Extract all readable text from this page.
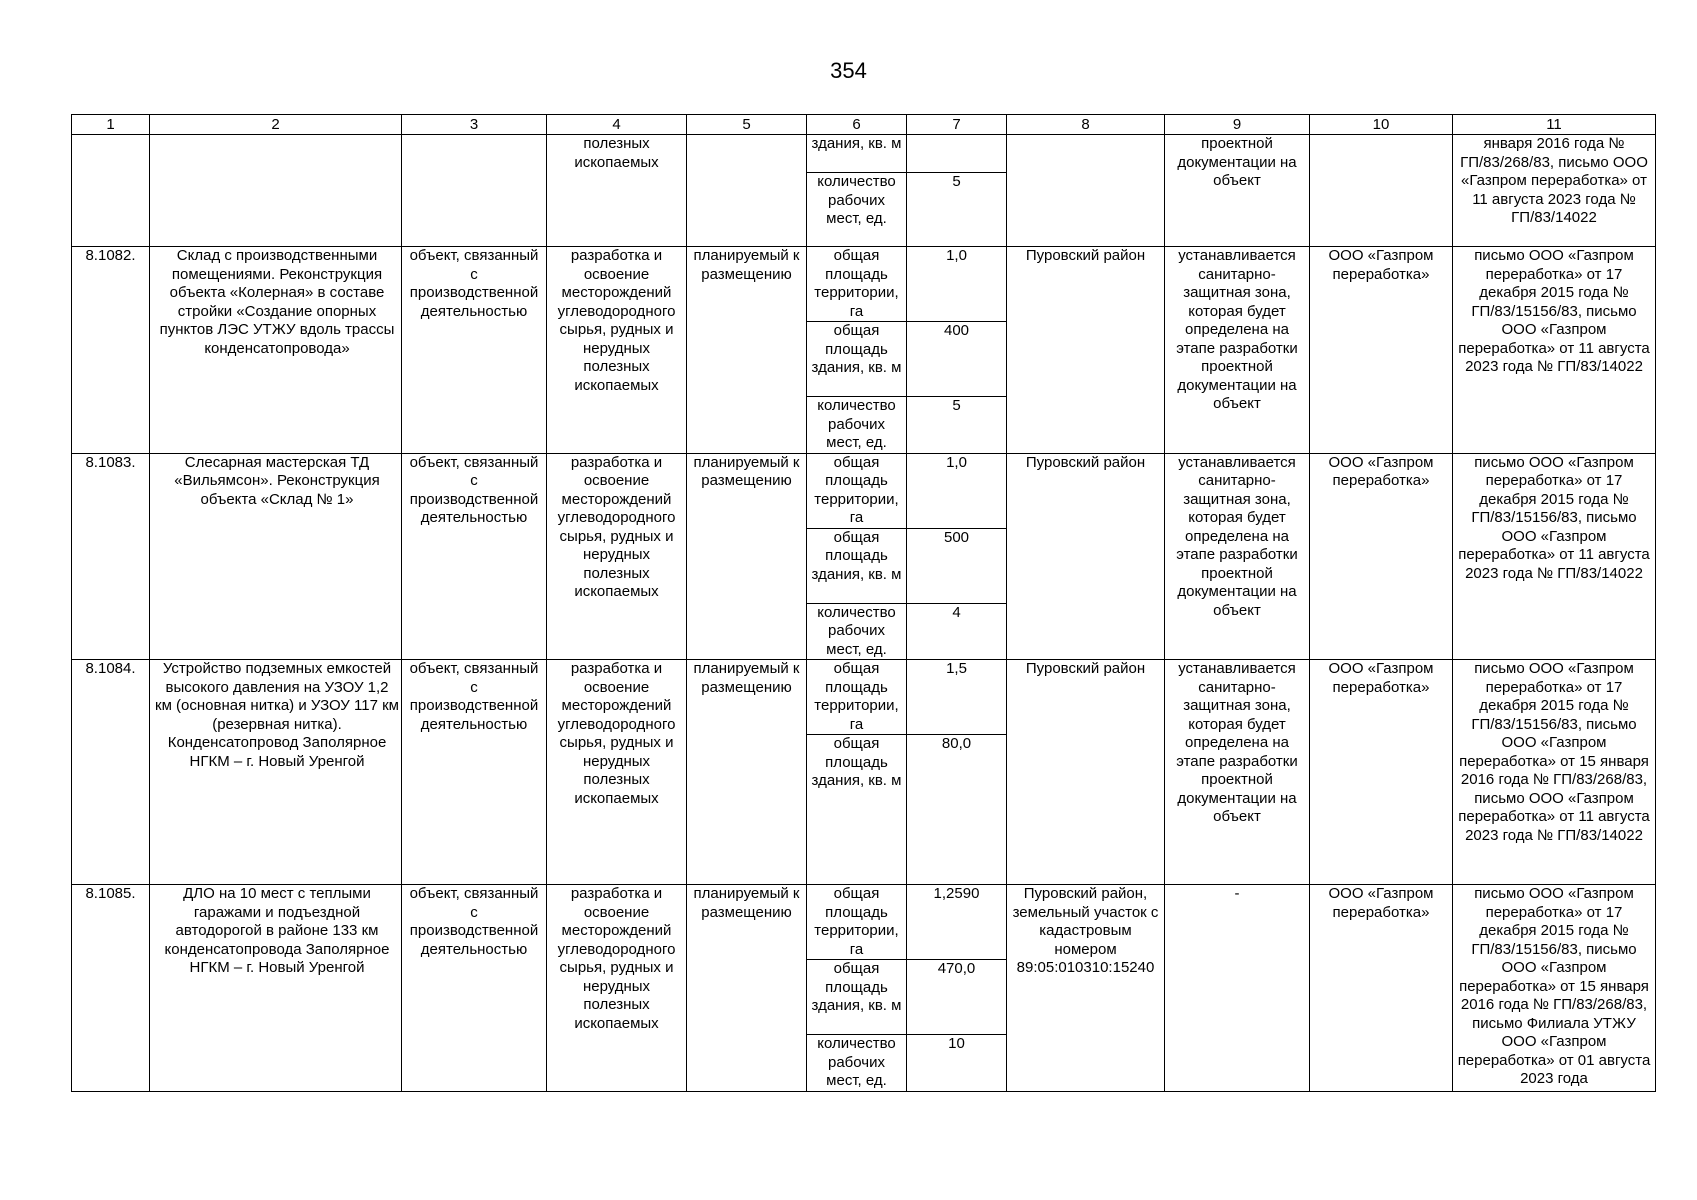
354
1	2	3	4	5	6	7	8	9	10	11
			полезных ископаемых		здания, кв. м			проектной документации на объект		января 2016 года № ГП/83/268/83, письмо ООО «Газпром переработка» от 11 августа 2023 года № ГП/83/14022
					количество рабочих мест, ед.	5				
8.1082.	Склад с производственными помещениями. Реконструкция объекта «Колерная» в составе стройки «Создание опорных пунктов ЛЭС УТЖУ вдоль трассы конденсатопровода»	объект, связанный с производственной деятельностью	разработка и освоение месторождений углеводородного сырья, рудных и нерудных полезных ископаемых	планируемый к размещению	общая площадь территории, га	1,0	Пуровский район	устанавливается санитарно-защитная зона, которая будет определена на этапе разработки проектной документации на объект	ООО «Газпром переработка»	письмо ООО «Газпром переработка» от 17 декабря 2015 года № ГП/83/15156/83, письмо ООО «Газпром переработка» от 11 августа 2023 года № ГП/83/14022
					общая площадь здания, кв. м	400				
					количество рабочих мест, ед.	5				
8.1083.	Слесарная мастерская ТД «Вильямсон». Реконструкция объекта «Склад № 1»	объект, связанный с производственной деятельностью	разработка и освоение месторождений углеводородного сырья, рудных и нерудных полезных ископаемых	планируемый к размещению	общая площадь территории, га	1,0	Пуровский район	устанавливается санитарно-защитная зона, которая будет определена на этапе разработки проектной документации на объект	ООО «Газпром переработка»	письмо ООО «Газпром переработка» от 17 декабря 2015 года № ГП/83/15156/83, письмо ООО «Газпром переработка» от 11 августа 2023 года № ГП/83/14022
					общая площадь здания, кв. м	500				
					количество рабочих мест, ед.	4				
8.1084.	Устройство подземных емкостей высокого давления на УЗОУ 1,2 км (основная нитка) и УЗОУ 117 км (резервная нитка). Конденсатопровод Заполярное НГКМ – г. Новый Уренгой	объект, связанный с производственной деятельностью	разработка и освоение месторождений углеводородного сырья, рудных и нерудных полезных ископаемых	планируемый к размещению	общая площадь территории, га	1,5	Пуровский район	устанавливается санитарно-защитная зона, которая будет определена на этапе разработки проектной документации на объект	ООО «Газпром переработка»	письмо ООО «Газпром переработка» от 17 декабря 2015 года № ГП/83/15156/83, письмо ООО «Газпром переработка» от 15 января 2016 года № ГП/83/268/83, письмо ООО «Газпром переработка» от 11 августа 2023 года № ГП/83/14022
					общая площадь здания, кв. м	80,0				
8.1085.	ДЛО на 10 мест с теплыми гаражами и подъездной автодорогой в районе 133 км конденсатопровода Заполярное НГКМ – г. Новый Уренгой	объект, связанный с производственной деятельностью	разработка и освоение месторождений углеводородного сырья, рудных и нерудных полезных ископаемых	планируемый к размещению	общая площадь территории, га	1,2590	Пуровский район, земельный участок с кадастровым номером 89:05:010310:15240	-	ООО «Газпром переработка»	письмо ООО «Газпром переработка» от 17 декабря 2015 года № ГП/83/15156/83, письмо ООО «Газпром переработка» от 15 января 2016 года № ГП/83/268/83, письмо Филиала УТЖУ ООО «Газпром переработка» от 01 августа 2023 года
					общая площадь здания, кв. м	470,0				
					количество рабочих мест, ед.	10				
